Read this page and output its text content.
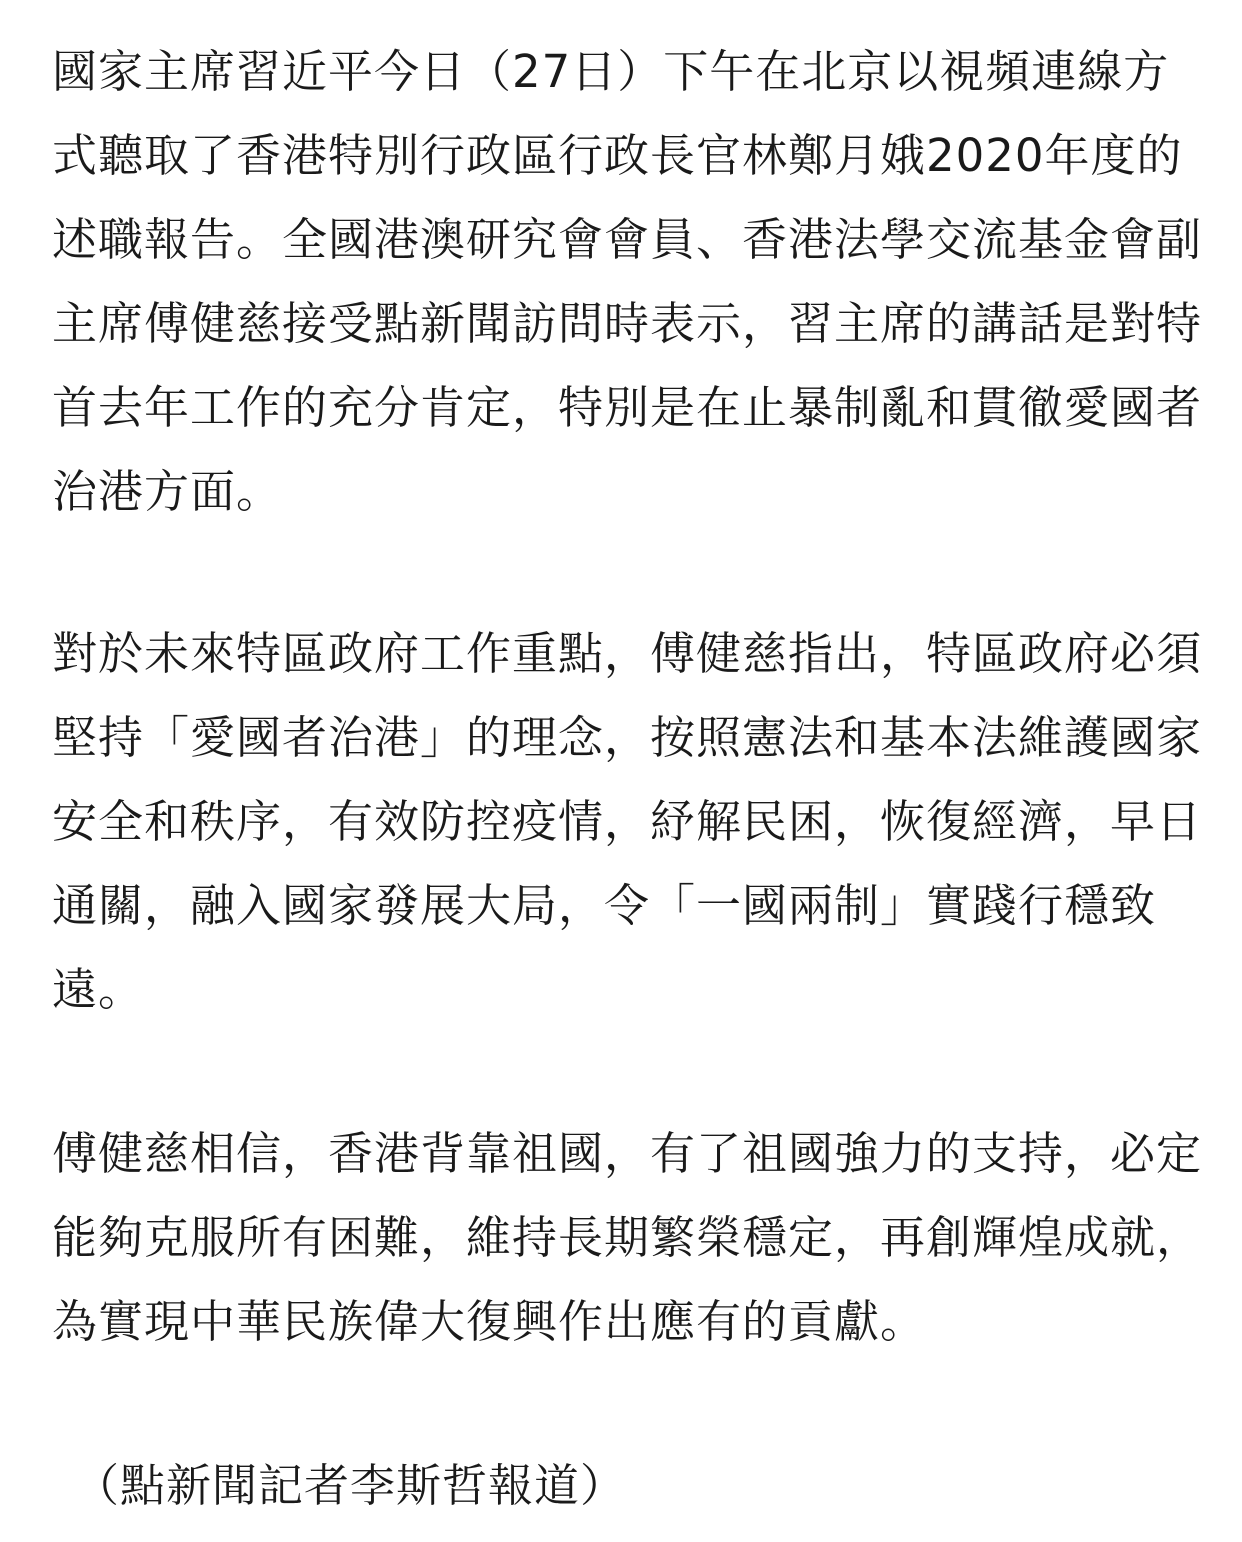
國家主席習近平今日（27日）下午在北京以視頻連線方式聽取了香港特別行政區行政長官林鄭月娥2020年度的述職報告。全國港澳研究會會員、香港法學交流基金會副主席傅健慈接受點新聞訪問時表示，習主席的講話是對特首去年工作的充分肯定，特別是在止暴制亂和貫徹愛國者治港方面。

對於未來特區政府工作重點，傅健慈指出，特區政府必須堅持「愛國者治港」的理念，按照憲法和基本法維護國家安全和秩序，有效防控疫情，紓解民困，恢復經濟，早日通關，融入國家發展大局，令「一國兩制」實踐行穩致遠。

傅健慈相信，香港背靠祖國，有了祖國強力的支持，必定能夠克服所有困難，維持長期繁榮穩定，再創輝煌成就，為實現中華民族偉大復興作出應有的貢獻。

（點新聞記者李斯哲報道）
